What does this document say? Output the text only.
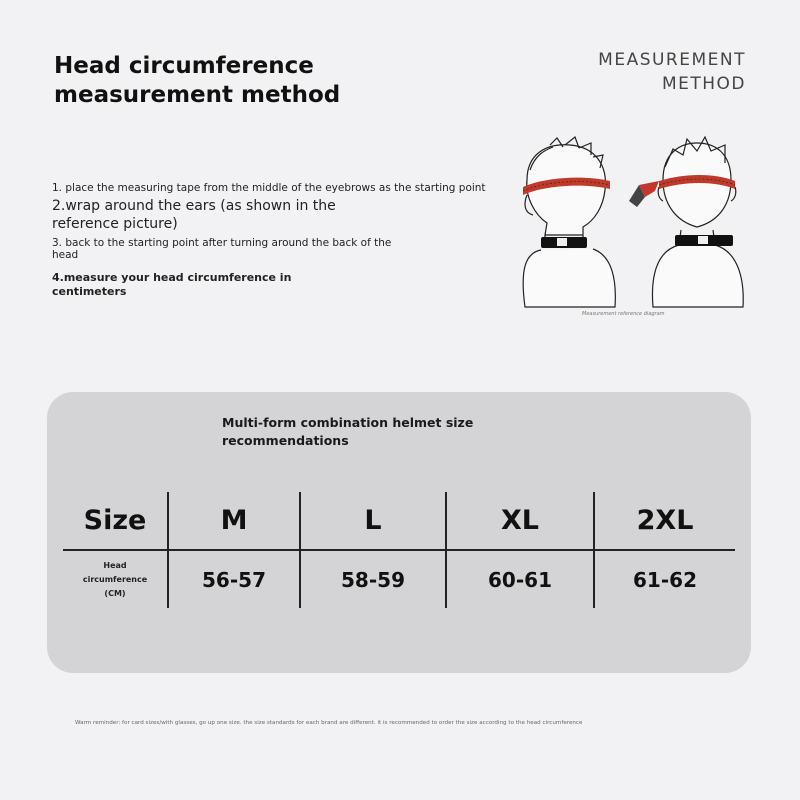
Head circumference measurement method
MEASUREMENT
METHOD

1. place the measuring tape from the middle of the eyebrows as the starting point

2.wrap around the ears (as shown in the reference picture)

3. back to the starting point after turning around the back of the head

4.measure your head circumference in centimeters

Measurement reference diagram
Multi-form combination helmet size recommendations
Size	M	L	XL	2XL
Head
circumference
(CM)
56-57	58-59	60-61	61-62
Warm reminder: for card sizes/with glasses, go up one size. the size standards for each brand are different. it is recommended to order the size according to the head circumference
